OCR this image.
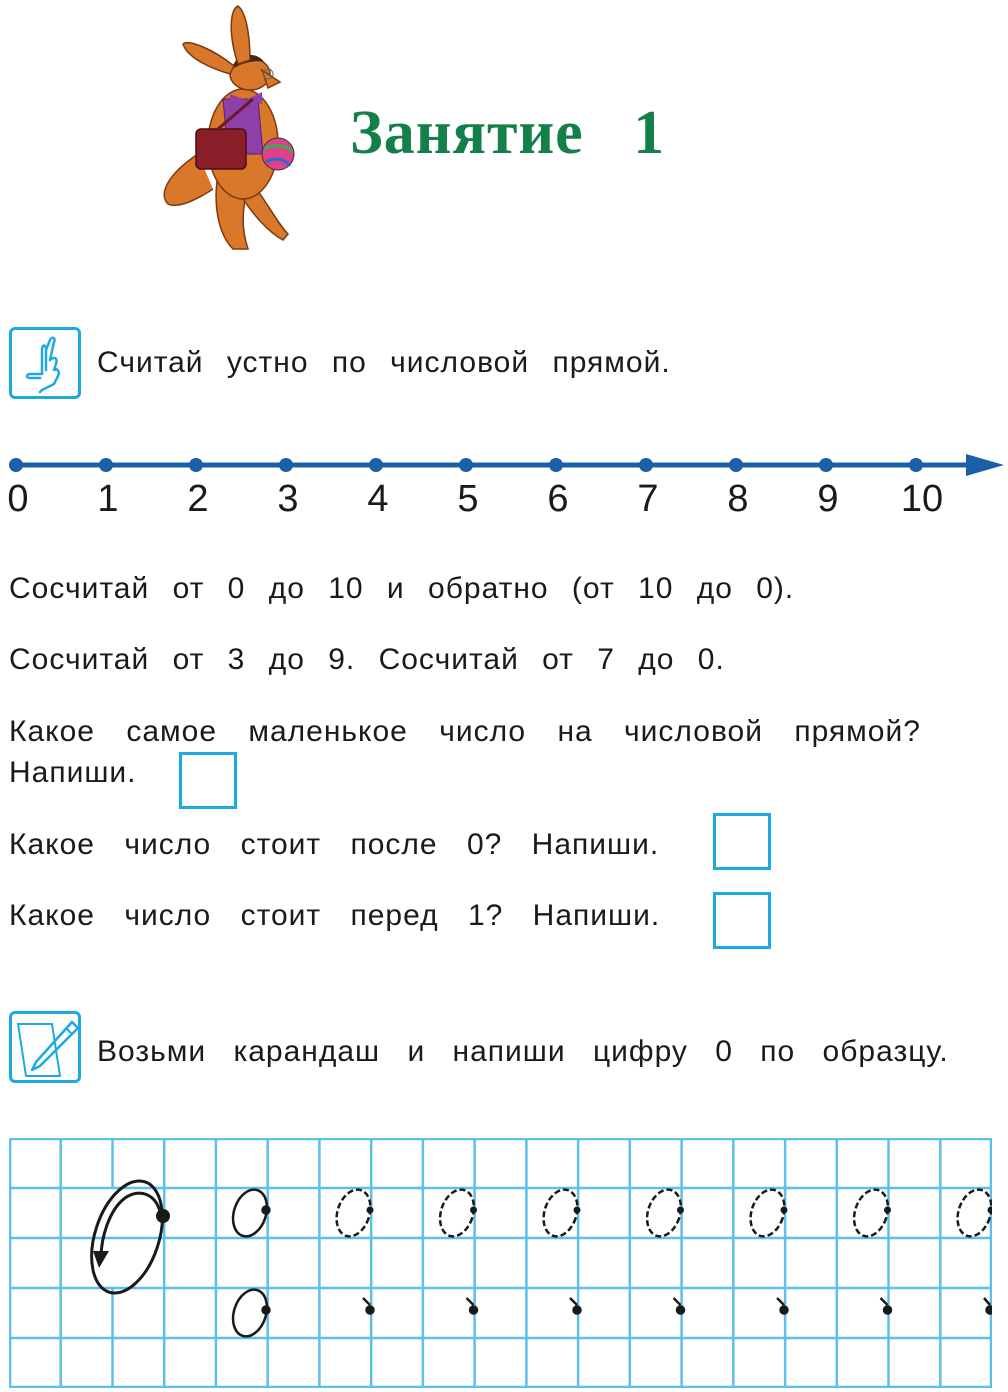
Занятие   1
Считай устно по числовой прямой.
0 1 2 3 4 5 6 7 8 9 10
Сосчитай от 0 до 10 и обратно (от 10 до 0).
Сосчитай от 3 до 9. Сосчитай от 7 до 0.
Какое самое маленькое число на числовой прямой?
Напиши.
Какое число стоит после 0? Напиши.
Какое число стоит перед 1? Напиши.
Возьми карандаш и напиши цифру 0 по образцу.
